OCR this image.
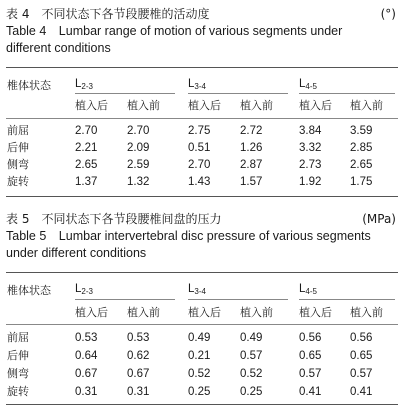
表 4　不同状态下各节段腰椎的活动度	(°)
Table 4　Lumbar range of motion of various segments under
different conditions
椎体状态 $L_{2-3}$	$L_{3-4}$	$L_{4-5}$
植入后 植入前	植入后 植入前 植入后 植入前
前屈	2.70	2.70	2.75	2.72	3.84 3.59
后伸	2.21	2.09	0.51	1.26	3.32 2.85
侧弯	2.65	2.59	2.70	2.87	2.73 2.65
旋转	1.37	1.32	1.43	1.57	1.92 1.75
表 5　不同状态下各节段腰椎间盘的压力	(MPa)
Table 5　Lumbar intervertebral disc pressure of various segments
under different conditions
椎体状态 $L_{2-3}$	$L_{3-4}$	$L_{4-5}$
植入后 植入前	植入后 植入前 植入后 植入前
前屈	0.53	0.53	0.49	0.49	0.56 0.56
后伸	0.64	0.62	0.21	0.57	0.65 0.65
侧弯	0.67	0.67	0.52	0.52	0.57 0.57
旋转	0.31	0.31	0.25	0.25	0.41 0.41
